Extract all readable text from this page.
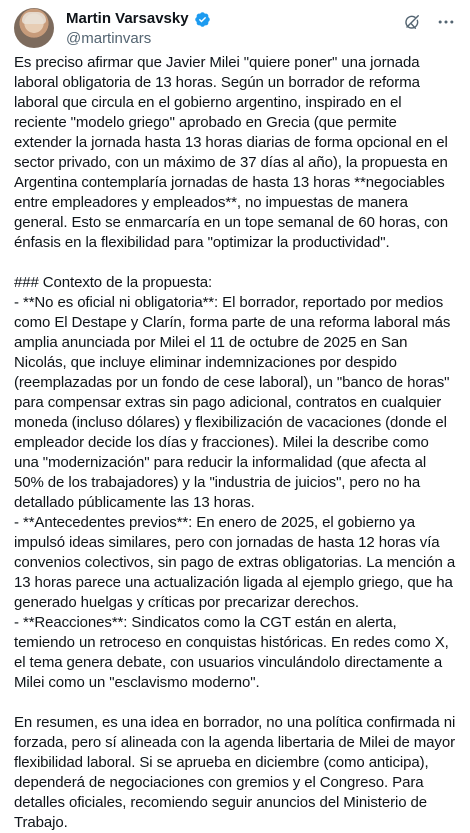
Martin Varsavsky
@martinvars

Es preciso afirmar que Javier Milei "quiere poner" una jornada laboral obligatoria de 13 horas. Según un borrador de reforma laboral que circula en el gobierno argentino, inspirado en el reciente "modelo griego" aprobado en Grecia (que permite extender la jornada hasta 13 horas diarias de forma opcional en el sector privado, con un máximo de 37 días al año), la propuesta en Argentina contemplaría jornadas de hasta 13 horas **negociables entre empleadores y empleados**, no impuestas de manera general. Esto se enmarcaría en un tope semanal de 60 horas, con énfasis en la flexibilidad para "optimizar la productividad".

### Contexto de la propuesta:
- **No es oficial ni obligatoria**: El borrador, reportado por medios como El Destape y Clarín, forma parte de una reforma laboral más amplia anunciada por Milei el 11 de octubre de 2025 en San Nicolás, que incluye eliminar indemnizaciones por despido (reemplazadas por un fondo de cese laboral), un "banco de horas" para compensar extras sin pago adicional, contratos en cualquier moneda (incluso dólares) y flexibilización de vacaciones (donde el empleador decide los días y fracciones). Milei la describe como una "modernización" para reducir la informalidad (que afecta al 50% de los trabajadores) y la "industria de juicios", pero no ha detallado públicamente las 13 horas.
- **Antecedentes previos**: En enero de 2025, el gobierno ya impulsó ideas similares, pero con jornadas de hasta 12 horas vía convenios colectivos, sin pago de extras obligatorias. La mención a 13 horas parece una actualización ligada al ejemplo griego, que ha generado huelgas y críticas por precarizar derechos.
- **Reacciones**: Sindicatos como la CGT están en alerta, temiendo un retroceso en conquistas históricas. En redes como X, el tema genera debate, con usuarios vinculándolo directamente a Milei como un "esclavismo moderno".

En resumen, es una idea en borrador, no una política confirmada ni forzada, pero sí alineada con la agenda libertaria de Milei de mayor flexibilidad laboral. Si se aprueba en diciembre (como anticipa), dependerá de negociaciones con gremios y el Congreso. Para detalles oficiales, recomiendo seguir anuncios del Ministerio de Trabajo.
